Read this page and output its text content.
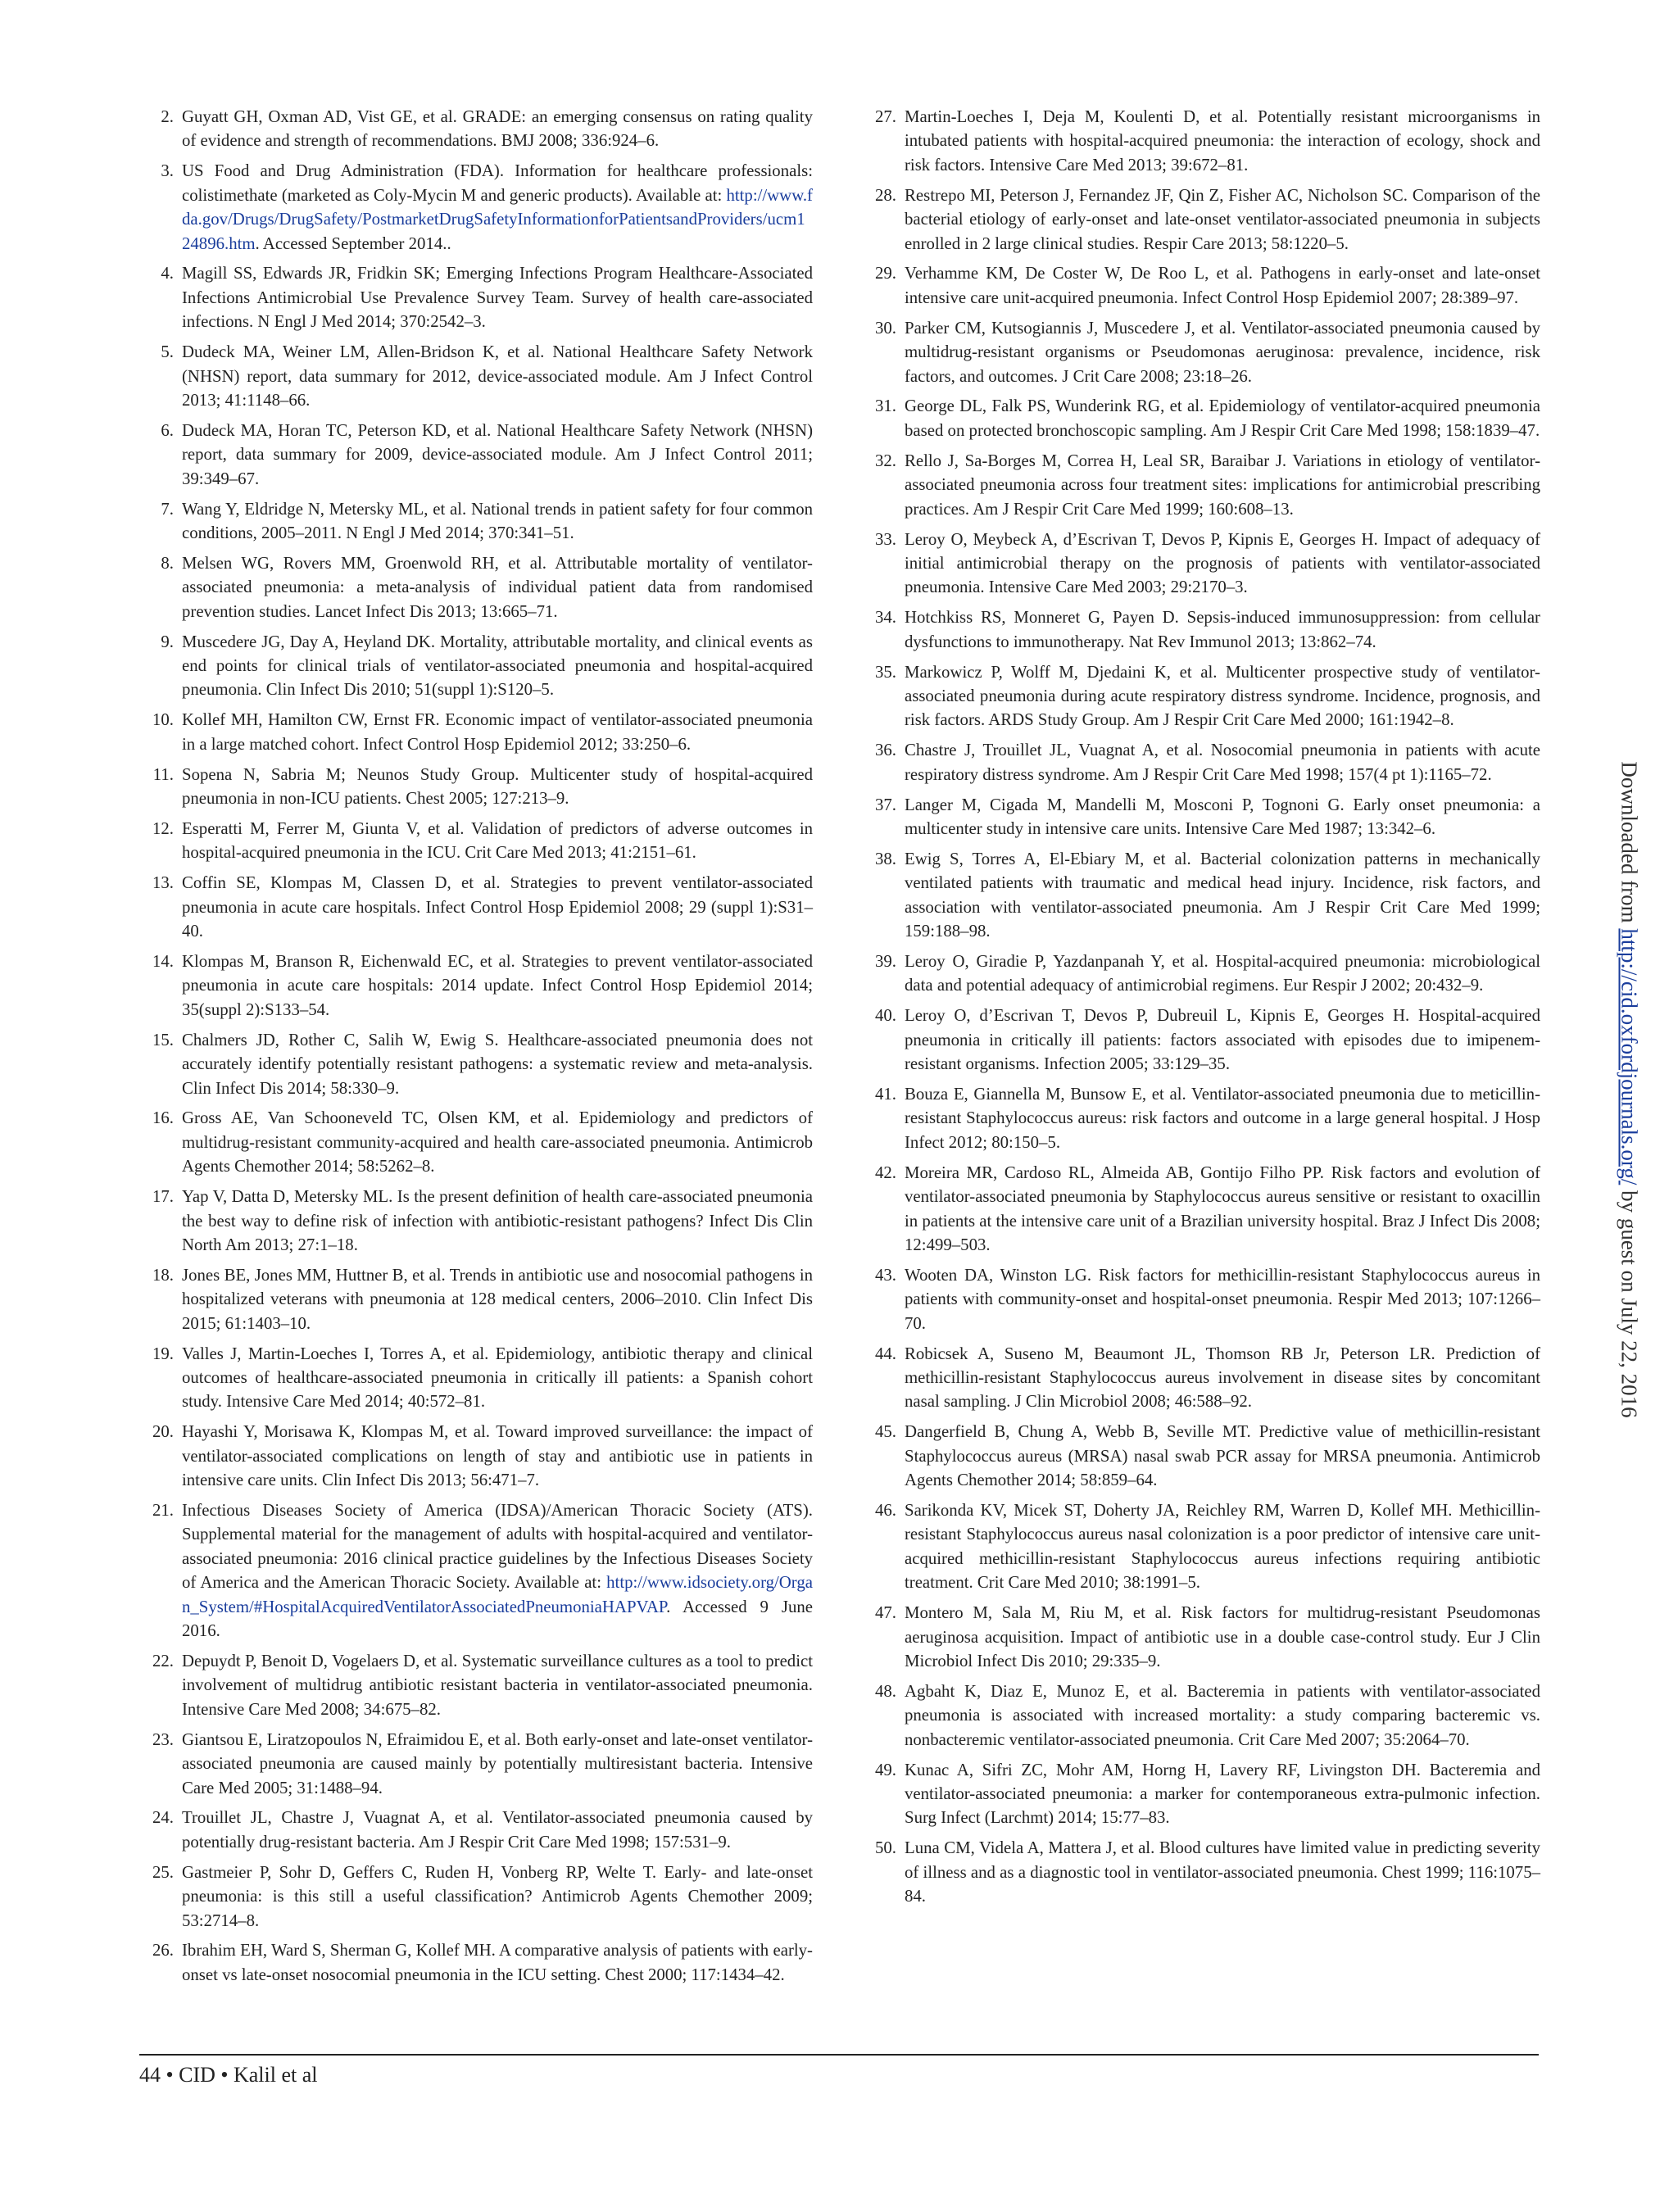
2. Guyatt GH, Oxman AD, Vist GE, et al. GRADE: an emerging consensus on rating quality of evidence and strength of recommendations. BMJ 2008; 336:924–6.
3. US Food and Drug Administration (FDA). Information for healthcare professionals: colistimethate (marketed as Coly-Mycin M and generic products). Available at: http://www.fda.gov/Drugs/DrugSafety/PostmarketDrugSafetyInformationforPatientsandProviders/ucm124896.htm. Accessed September 2014..
4. Magill SS, Edwards JR, Fridkin SK; Emerging Infections Program Healthcare-Associated Infections Antimicrobial Use Prevalence Survey Team. Survey of health care-associated infections. N Engl J Med 2014; 370:2542–3.
5. Dudeck MA, Weiner LM, Allen-Bridson K, et al. National Healthcare Safety Network (NHSN) report, data summary for 2012, device-associated module. Am J Infect Control 2013; 41:1148–66.
6. Dudeck MA, Horan TC, Peterson KD, et al. National Healthcare Safety Network (NHSN) report, data summary for 2009, device-associated module. Am J Infect Control 2011; 39:349–67.
7. Wang Y, Eldridge N, Metersky ML, et al. National trends in patient safety for four common conditions, 2005–2011. N Engl J Med 2014; 370:341–51.
8. Melsen WG, Rovers MM, Groenwold RH, et al. Attributable mortality of ventilator-associated pneumonia: a meta-analysis of individual patient data from randomised prevention studies. Lancet Infect Dis 2013; 13:665–71.
9. Muscedere JG, Day A, Heyland DK. Mortality, attributable mortality, and clinical events as end points for clinical trials of ventilator-associated pneumonia and hospital-acquired pneumonia. Clin Infect Dis 2010; 51(suppl 1):S120–5.
10. Kollef MH, Hamilton CW, Ernst FR. Economic impact of ventilator-associated pneumonia in a large matched cohort. Infect Control Hosp Epidemiol 2012; 33:250–6.
11. Sopena N, Sabria M; Neunos Study Group. Multicenter study of hospital-acquired pneumonia in non-ICU patients. Chest 2005; 127:213–9.
12. Esperatti M, Ferrer M, Giunta V, et al. Validation of predictors of adverse outcomes in hospital-acquired pneumonia in the ICU. Crit Care Med 2013; 41:2151–61.
13. Coffin SE, Klompas M, Classen D, et al. Strategies to prevent ventilator-associated pneumonia in acute care hospitals. Infect Control Hosp Epidemiol 2008; 29 (suppl 1):S31–40.
14. Klompas M, Branson R, Eichenwald EC, et al. Strategies to prevent ventilator-associated pneumonia in acute care hospitals: 2014 update. Infect Control Hosp Epidemiol 2014; 35(suppl 2):S133–54.
15. Chalmers JD, Rother C, Salih W, Ewig S. Healthcare-associated pneumonia does not accurately identify potentially resistant pathogens: a systematic review and meta-analysis. Clin Infect Dis 2014; 58:330–9.
16. Gross AE, Van Schooneveld TC, Olsen KM, et al. Epidemiology and predictors of multidrug-resistant community-acquired and health care-associated pneumonia. Antimicrob Agents Chemother 2014; 58:5262–8.
17. Yap V, Datta D, Metersky ML. Is the present definition of health care-associated pneumonia the best way to define risk of infection with antibiotic-resistant pathogens? Infect Dis Clin North Am 2013; 27:1–18.
18. Jones BE, Jones MM, Huttner B, et al. Trends in antibiotic use and nosocomial pathogens in hospitalized veterans with pneumonia at 128 medical centers, 2006–2010. Clin Infect Dis 2015; 61:1403–10.
19. Valles J, Martin-Loeches I, Torres A, et al. Epidemiology, antibiotic therapy and clinical outcomes of healthcare-associated pneumonia in critically ill patients: a Spanish cohort study. Intensive Care Med 2014; 40:572–81.
20. Hayashi Y, Morisawa K, Klompas M, et al. Toward improved surveillance: the impact of ventilator-associated complications on length of stay and antibiotic use in patients in intensive care units. Clin Infect Dis 2013; 56:471–7.
21. Infectious Diseases Society of America (IDSA)/American Thoracic Society (ATS). Supplemental material for the management of adults with hospital-acquired and ventilator-associated pneumonia: 2016 clinical practice guidelines by the Infectious Diseases Society of America and the American Thoracic Society. Available at: http://www.idsociety.org/Organ_System/#HospitalAcquiredVentilatorAssociatedPneumoniaHAPVAP. Accessed 9 June 2016.
22. Depuydt P, Benoit D, Vogelaers D, et al. Systematic surveillance cultures as a tool to predict involvement of multidrug antibiotic resistant bacteria in ventilator-associated pneumonia. Intensive Care Med 2008; 34:675–82.
23. Giantsou E, Liratzopoulos N, Efraimidou E, et al. Both early-onset and late-onset ventilator-associated pneumonia are caused mainly by potentially multiresistant bacteria. Intensive Care Med 2005; 31:1488–94.
24. Trouillet JL, Chastre J, Vuagnat A, et al. Ventilator-associated pneumonia caused by potentially drug-resistant bacteria. Am J Respir Crit Care Med 1998; 157:531–9.
25. Gastmeier P, Sohr D, Geffers C, Ruden H, Vonberg RP, Welte T. Early- and late-onset pneumonia: is this still a useful classification? Antimicrob Agents Chemother 2009; 53:2714–8.
26. Ibrahim EH, Ward S, Sherman G, Kollef MH. A comparative analysis of patients with early-onset vs late-onset nosocomial pneumonia in the ICU setting. Chest 2000; 117:1434–42.
27. Martin-Loeches I, Deja M, Koulenti D, et al. Potentially resistant microorganisms in intubated patients with hospital-acquired pneumonia: the interaction of ecology, shock and risk factors. Intensive Care Med 2013; 39:672–81.
28. Restrepo MI, Peterson J, Fernandez JF, Qin Z, Fisher AC, Nicholson SC. Comparison of the bacterial etiology of early-onset and late-onset ventilator-associated pneumonia in subjects enrolled in 2 large clinical studies. Respir Care 2013; 58:1220–5.
29. Verhamme KM, De Coster W, De Roo L, et al. Pathogens in early-onset and late-onset intensive care unit-acquired pneumonia. Infect Control Hosp Epidemiol 2007; 28:389–97.
30. Parker CM, Kutsogiannis J, Muscedere J, et al. Ventilator-associated pneumonia caused by multidrug-resistant organisms or Pseudomonas aeruginosa: prevalence, incidence, risk factors, and outcomes. J Crit Care 2008; 23:18–26.
31. George DL, Falk PS, Wunderink RG, et al. Epidemiology of ventilator-acquired pneumonia based on protected bronchoscopic sampling. Am J Respir Crit Care Med 1998; 158:1839–47.
32. Rello J, Sa-Borges M, Correa H, Leal SR, Baraibar J. Variations in etiology of ventilator-associated pneumonia across four treatment sites: implications for antimicrobial prescribing practices. Am J Respir Crit Care Med 1999; 160:608–13.
33. Leroy O, Meybeck A, d’Escrivan T, Devos P, Kipnis E, Georges H. Impact of adequacy of initial antimicrobial therapy on the prognosis of patients with ventilator-associated pneumonia. Intensive Care Med 2003; 29:2170–3.
34. Hotchkiss RS, Monneret G, Payen D. Sepsis-induced immunosuppression: from cellular dysfunctions to immunotherapy. Nat Rev Immunol 2013; 13:862–74.
35. Markowicz P, Wolff M, Djedaini K, et al. Multicenter prospective study of ventilator-associated pneumonia during acute respiratory distress syndrome. Incidence, prognosis, and risk factors. ARDS Study Group. Am J Respir Crit Care Med 2000; 161:1942–8.
36. Chastre J, Trouillet JL, Vuagnat A, et al. Nosocomial pneumonia in patients with acute respiratory distress syndrome. Am J Respir Crit Care Med 1998; 157(4 pt 1):1165–72.
37. Langer M, Cigada M, Mandelli M, Mosconi P, Tognoni G. Early onset pneumonia: a multicenter study in intensive care units. Intensive Care Med 1987; 13:342–6.
38. Ewig S, Torres A, El-Ebiary M, et al. Bacterial colonization patterns in mechanically ventilated patients with traumatic and medical head injury. Incidence, risk factors, and association with ventilator-associated pneumonia. Am J Respir Crit Care Med 1999; 159:188–98.
39. Leroy O, Giradie P, Yazdanpanah Y, et al. Hospital-acquired pneumonia: microbiological data and potential adequacy of antimicrobial regimens. Eur Respir J 2002; 20:432–9.
40. Leroy O, d’Escrivan T, Devos P, Dubreuil L, Kipnis E, Georges H. Hospital-acquired pneumonia in critically ill patients: factors associated with episodes due to imipenem-resistant organisms. Infection 2005; 33:129–35.
41. Bouza E, Giannella M, Bunsow E, et al. Ventilator-associated pneumonia due to meticillin-resistant Staphylococcus aureus: risk factors and outcome in a large general hospital. J Hosp Infect 2012; 80:150–5.
42. Moreira MR, Cardoso RL, Almeida AB, Gontijo Filho PP. Risk factors and evolution of ventilator-associated pneumonia by Staphylococcus aureus sensitive or resistant to oxacillin in patients at the intensive care unit of a Brazilian university hospital. Braz J Infect Dis 2008; 12:499–503.
43. Wooten DA, Winston LG. Risk factors for methicillin-resistant Staphylococcus aureus in patients with community-onset and hospital-onset pneumonia. Respir Med 2013; 107:1266–70.
44. Robicsek A, Suseno M, Beaumont JL, Thomson RB Jr, Peterson LR. Prediction of methicillin-resistant Staphylococcus aureus involvement in disease sites by concomitant nasal sampling. J Clin Microbiol 2008; 46:588–92.
45. Dangerfield B, Chung A, Webb B, Seville MT. Predictive value of methicillin-resistant Staphylococcus aureus (MRSA) nasal swab PCR assay for MRSA pneumonia. Antimicrob Agents Chemother 2014; 58:859–64.
46. Sarikonda KV, Micek ST, Doherty JA, Reichley RM, Warren D, Kollef MH. Methicillin-resistant Staphylococcus aureus nasal colonization is a poor predictor of intensive care unit-acquired methicillin-resistant Staphylococcus aureus infections requiring antibiotic treatment. Crit Care Med 2010; 38:1991–5.
47. Montero M, Sala M, Riu M, et al. Risk factors for multidrug-resistant Pseudomonas aeruginosa acquisition. Impact of antibiotic use in a double case-control study. Eur J Clin Microbiol Infect Dis 2010; 29:335–9.
48. Agbaht K, Diaz E, Munoz E, et al. Bacteremia in patients with ventilator-associated pneumonia is associated with increased mortality: a study comparing bacteremic vs. nonbacteremic ventilator-associated pneumonia. Crit Care Med 2007; 35:2064–70.
49. Kunac A, Sifri ZC, Mohr AM, Horng H, Lavery RF, Livingston DH. Bacteremia and ventilator-associated pneumonia: a marker for contemporaneous extra-pulmonic infection. Surg Infect (Larchmt) 2014; 15:77–83.
50. Luna CM, Videla A, Mattera J, et al. Blood cultures have limited value in predicting severity of illness and as a diagnostic tool in ventilator-associated pneumonia. Chest 1999; 116:1075–84.
44 • CID • Kalil et al
Downloaded from http://cid.oxfordjournals.org/ by guest on July 22, 2016
